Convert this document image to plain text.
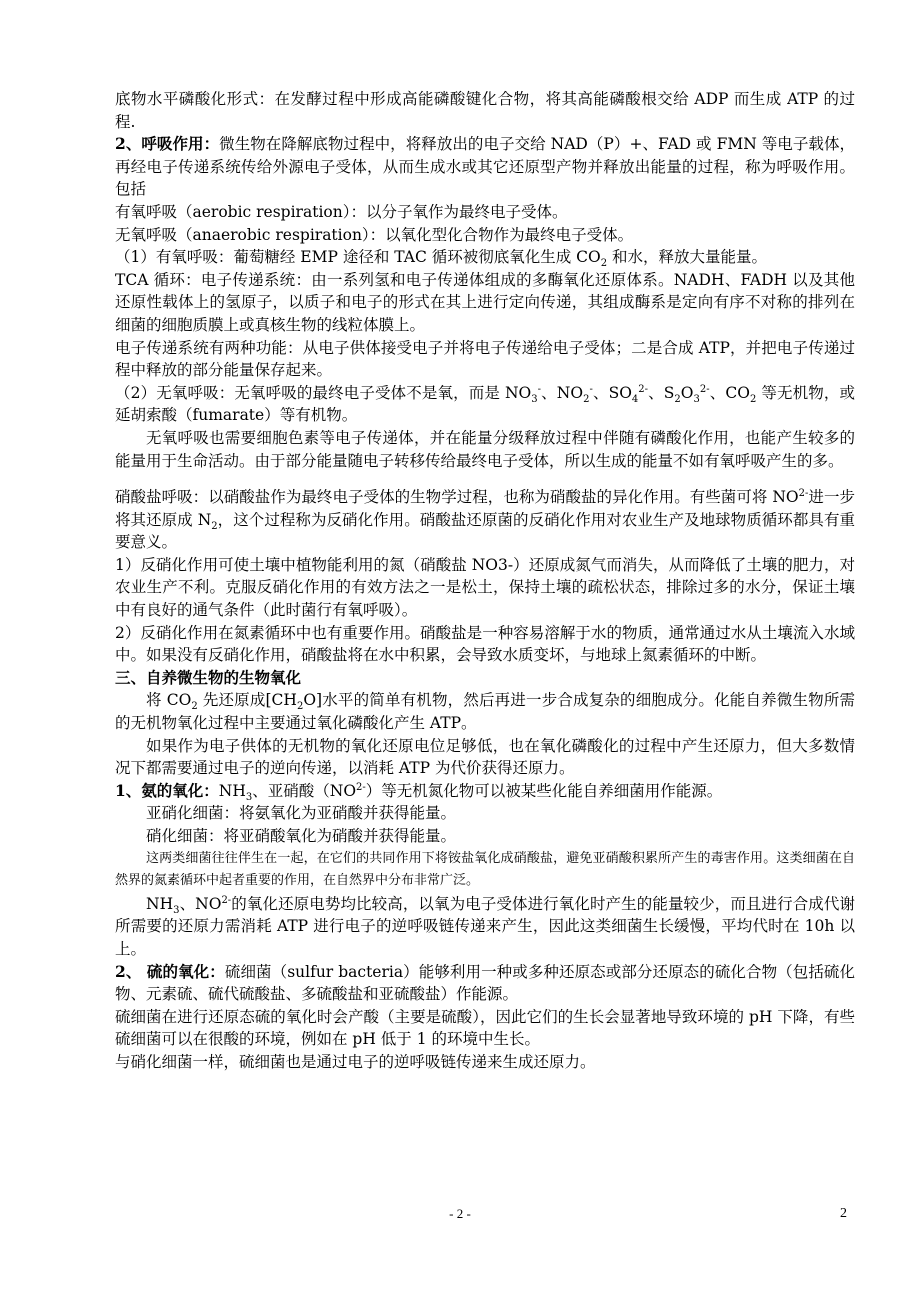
底物水平磷酸化形式：在发酵过程中形成高能磷酸键化合物，将其高能磷酸根交给 ADP 而生成 ATP 的过程.

2、呼吸作用：微生物在降解底物过程中，将释放出的电子交给 NAD（P）+、FAD 或 FMN 等电子载体，再经电子传递系统传给外源电子受体，从而生成水或其它还原型产物并释放出能量的过程，称为呼吸作用。 包括

有氧呼吸（aerobic respiration）：以分子氧作为最终电子受体。

无氧呼吸（anaerobic respiration）：以氧化型化合物作为最终电子受体。

（1）有氧呼吸：葡萄糖经 EMP 途径和 TAC 循环被彻底氧化生成 $CO_2$ 和水，释放大量能量。

TCA 循环：电子传递系统：由一系列氢和电子传递体组成的多酶氧化还原体系。NADH、FADH 以及其他还原性载体上的氢原子，以质子和电子的形式在其上进行定向传递，其组成酶系是定向有序不对称的排列在细菌的细胞质膜上或真核生物的线粒体膜上。

电子传递系统有两种功能：从电子供体接受电子并将电子传递给电子受体；二是合成 ATP，并把电子传递过程中释放的部分能量保存起来。

（2）无氧呼吸：无氧呼吸的最终电子受体不是氧，而是 $NO_3^-$、$NO_2^-$、$SO_4^{2-}$、$S_2O_3^{2-}$、$CO_2$ 等无机物，或延胡索酸（fumarate）等有机物。

无氧呼吸也需要细胞色素等电子传递体，并在能量分级释放过程中伴随有磷酸化作用，也能产生较多的能量用于生命活动。由于部分能量随电子转移传给最终电子受体，所以生成的能量不如有氧呼吸产生的多。

硝酸盐呼吸：以硝酸盐作为最终电子受体的生物学过程，也称为硝酸盐的异化作用。有些菌可将 $NO^{2-}$进一步将其还原成 $N_2$，这个过程称为反硝化作用。硝酸盐还原菌的反硝化作用对农业生产及地球物质循环都具有重要意义。

1）反硝化作用可使土壤中植物能利用的氮（硝酸盐 NO3-）还原成氮气而消失，从而降低了土壤的肥力，对农业生产不利。克服反硝化作用的有效方法之一是松土，保持土壤的疏松状态，排除过多的水分，保证土壤中有良好的通气条件（此时菌行有氧呼吸）。

2）反硝化作用在氮素循环中也有重要作用。硝酸盐是一种容易溶解于水的物质，通常通过水从土壤流入水域中。如果没有反硝化作用，硝酸盐将在水中积累，会导致水质变坏，与地球上氮素循环的中断。

三、自养微生物的生物氧化

将 $CO_2$ 先还原成$[CH_2O]$水平的简单有机物，然后再进一步合成复杂的细胞成分。化能自养微生物所需的无机物氧化过程中主要通过氧化磷酸化产生 ATP。

如果作为电子供体的无机物的氧化还原电位足够低，也在氧化磷酸化的过程中产生还原力，但大多数情况下都需要通过电子的逆向传递，以消耗 ATP 为代价获得还原力。

1、氨的氧化：$NH_3$、亚硝酸$(NO^{2-})$等无机氮化物可以被某些化能自养细菌用作能源。

亚硝化细菌：将氨氧化为亚硝酸并获得能量。

硝化细菌：将亚硝酸氧化为硝酸并获得能量。

这两类细菌往往伴生在一起，在它们的共同作用下将铵盐氧化成硝酸盐，避免亚硝酸积累所产生的毒害作用。这类细菌在自然界的氮素循环中起者重要的作用，在自然界中分布非常广泛。

$NH_3$、$NO^{2-}$的氧化还原电势均比较高，以氧为电子受体进行氧化时产生的能量较少，而且进行合成代谢所需要的还原力需消耗 ATP 进行电子的逆呼吸链传递来产生，因此这类细菌生长缓慢，平均代时在 10h 以上。

2、 硫的氧化：硫细菌（sulfur bacteria）能够利用一种或多种还原态或部分还原态的硫化合物（包括硫化物、元素硫、硫代硫酸盐、多硫酸盐和亚硫酸盐）作能源。

硫细菌在进行还原态硫的氧化时会产酸（主要是硫酸），因此它们的生长会显著地导致环境的 pH 下降，有些硫细菌可以在很酸的环境，例如在 pH 低于 1 的环境中生长。

与硝化细菌一样，硫细菌也是通过电子的逆呼吸链传递来生成还原力。

- 2 -	2
